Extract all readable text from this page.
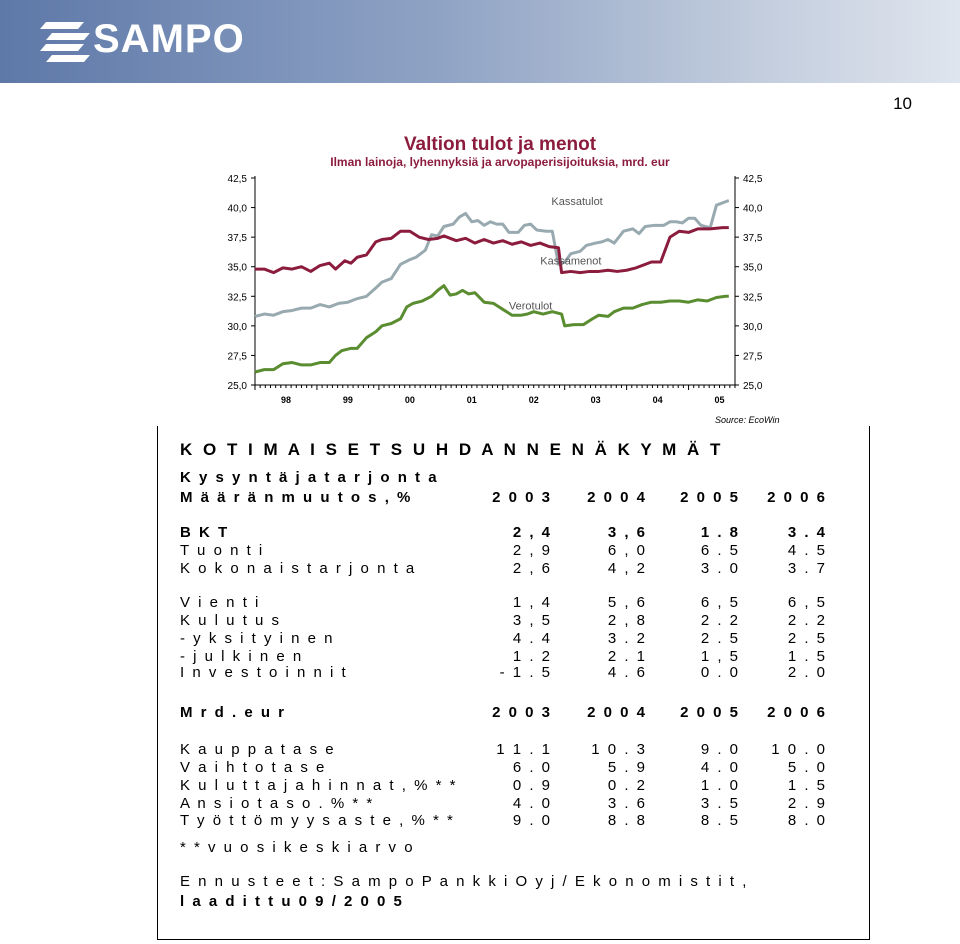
SAMPO
10
Valtion tulot ja menot
Ilman lainoja, lyhennyksiä ja arvopaperisijoituksia, mrd. eur
42,5	42,5
40,0	40,0
37,5	37,5
35,0	35,0
32,5	32,5
30,0	30,0
27,5	27,5
25,0	25,0
98	99	00	01	02	03	04	05
Kassatulot
Kassamenot
Verotulot
Source: EcoWin
K O T I M A I S E T S U H D A N N E N Ä K Y M Ä T
K y s y n t ä j a t a r j o n t a
M ä ä r ä n m u u t o s , %	2 0 0 3	2 0 0 4	2 0 0 5	2 0 0 6
B K T	2 , 4	3 , 6	1 . 8	3 . 4
T u o n t i	2 , 9	6 , 0	6 . 5	4 . 5
K o k o n a i s t a r j o n t a	2 , 6	4 , 2	3 . 0	3 . 7
V i e n t i	1 , 4	5 , 6	6 , 5	6 , 5
K u l u t u s	3 , 5	2 , 8	2 . 2	2 . 2
- y k s i t y i n e n	4 . 4	3 . 2	2 . 5	2 . 5
- j u l k i n e n	1 . 2	2 . 1	1 , 5	1 . 5
I n v e s t o i n n i t	- 1 . 5	4 . 6	0 . 0	2 . 0
K a u p p a t a s e	1 1 . 1	1 0 . 3	9 . 0	1 0 . 0
V a i h t o t a s e	6 . 0	5 . 9	4 . 0	5 . 0
K u l u t t a j a h i n n a t , % * *	0 . 9	0 . 2	1 . 0	1 . 5
A n s i o t a s o . % * *	4 . 0	3 . 6	3 . 5	2 . 9
T y ö t t ö m y y s a s t e , % * *	9 . 0	8 . 8	8 . 5	8 . 0
M r d . e u r	2 0 0 3	2 0 0 4	2 0 0 5	2 0 0 6
* * v u o s i k e s k i a r v o
E n n u s t e e t : S a m p o P a n k k i O y j / E k o n o m i s t i t ,
l a a d i t t u 0 9 / 2 0 0 5
